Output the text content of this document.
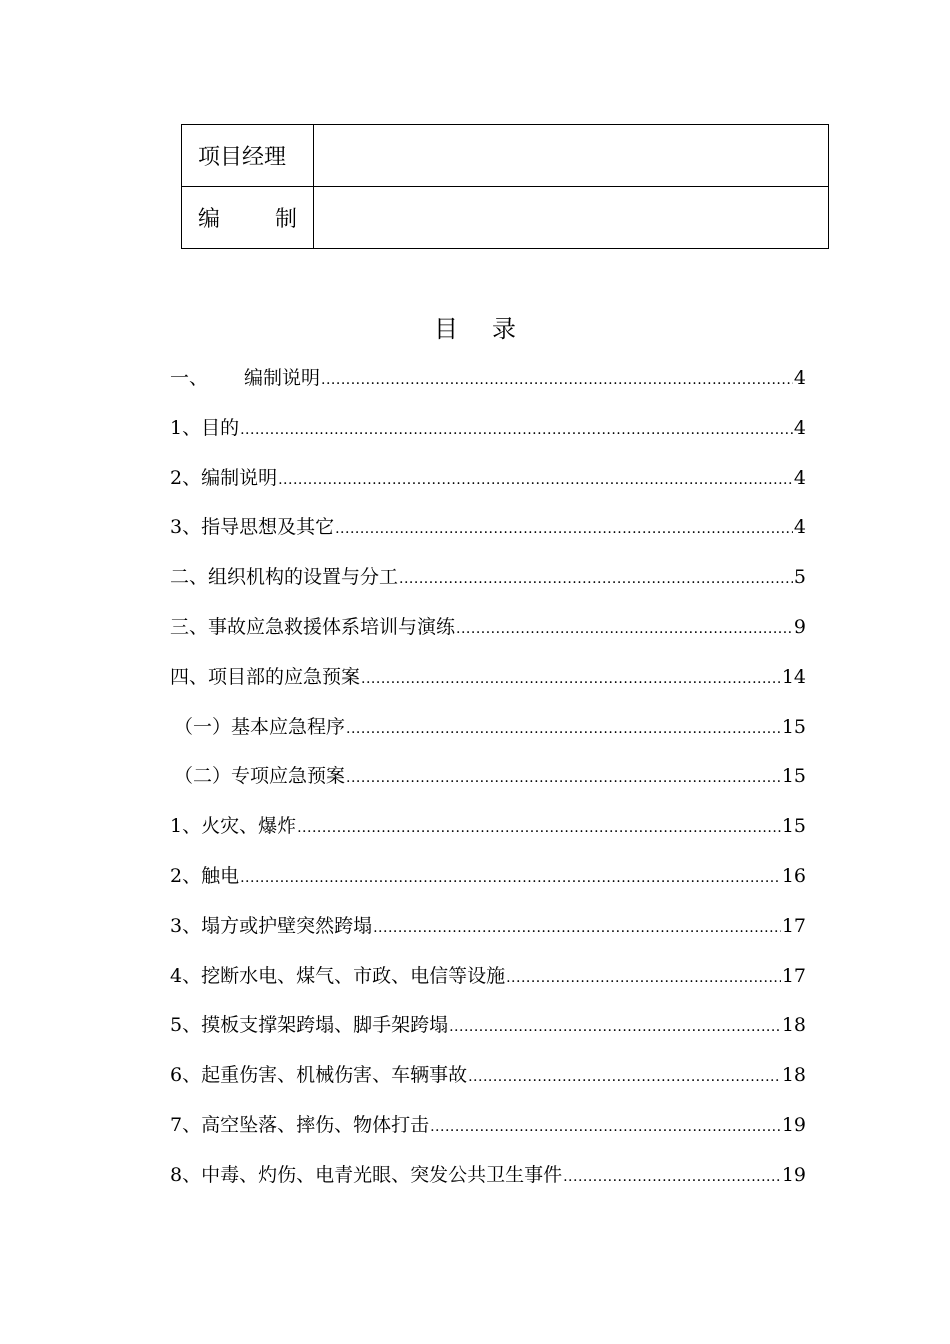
项目经理	

编 制	

目录
一、 编制说明 .....	4
1、目的 .....	4
2、编制说明 .....	4
3、指导思想及其它 .....	4
二、组织机构的设置与分工 .....	5
三、事故应急救援体系培训与演练 .....	9
四、项目部的应急预案 .....	14
（一）基本应急程序 .....	15
（二）专项应急预案 .....	15
1、火灾、爆炸 .....	15
2、触电 .....	16
3、塌方或护壁突然跨塌 .....	17
4、挖断水电、煤气、市政、电信等设施 .....	17
5、摸板支撑架跨塌、脚手架跨塌 .....	18
6、起重伤害、机械伤害、车辆事故 .....	18
7、高空坠落、摔伤、物体打击 .....	19
8、中毒、灼伤、电青光眼、突发公共卫生事件 .....	19
